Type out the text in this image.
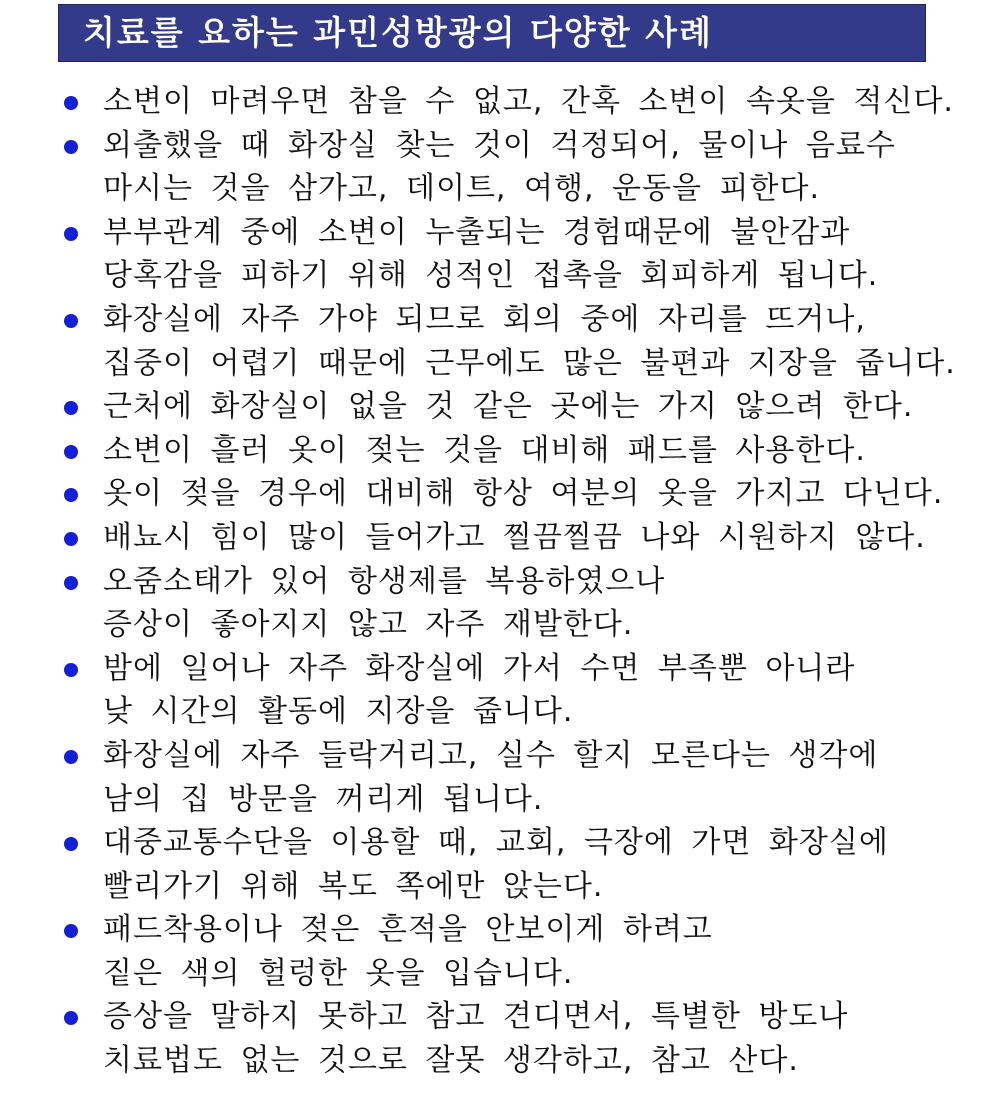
치료를 요하는 과민성방광의 다양한 사례
소변이 마려우면 참을 수 없고, 간혹 소변이 속옷을 적신다.
외출했을 때 화장실 찾는 것이 걱정되어, 물이나 음료수
마시는 것을 삼가고, 데이트, 여행, 운동을 피한다.
부부관계 중에 소변이 누출되는 경험때문에 불안감과
당혹감을 피하기 위해 성적인 접촉을 회피하게 됩니다.
화장실에 자주 가야 되므로 회의 중에 자리를 뜨거나,
집중이 어렵기 때문에 근무에도 많은 불편과 지장을 줍니다.
근처에 화장실이 없을 것 같은 곳에는 가지 않으려 한다.
소변이 흘러 옷이 젖는 것을 대비해 패드를 사용한다.
옷이 젖을 경우에 대비해 항상 여분의 옷을 가지고 다닌다.
배뇨시 힘이 많이 들어가고 찔끔찔끔 나와 시원하지 않다.
오줌소태가 있어 항생제를 복용하였으나
증상이 좋아지지 않고 자주 재발한다.
밤에 일어나 자주 화장실에 가서 수면 부족뿐 아니라
낮 시간의 활동에 지장을 줍니다.
화장실에 자주 들락거리고, 실수 할지 모른다는 생각에
남의 집 방문을 꺼리게 됩니다.
대중교통수단을 이용할 때, 교회, 극장에 가면 화장실에
빨리가기 위해 복도 쪽에만 앉는다.
패드착용이나 젖은 흔적을 안보이게 하려고
짙은 색의 헐렁한 옷을 입습니다.
증상을 말하지 못하고 참고 견디면서, 특별한 방도나
치료법도 없는 것으로 잘못 생각하고, 참고 산다.
